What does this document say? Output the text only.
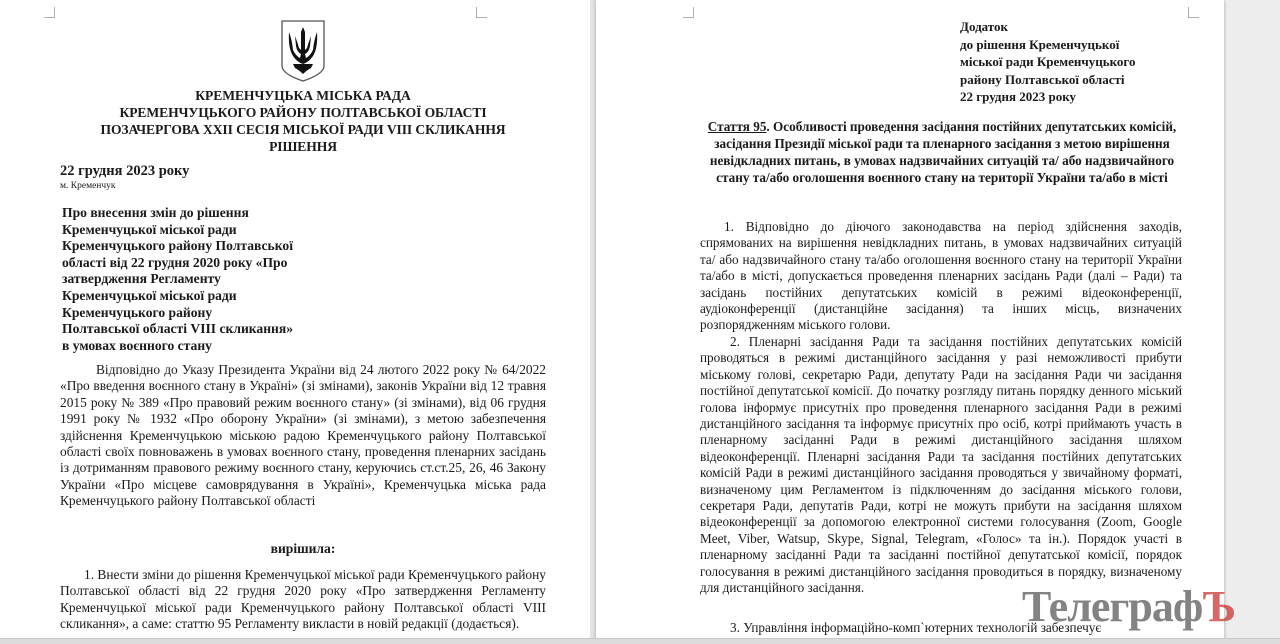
КРЕМЕНЧУЦЬКА МІСЬКА РАДА
КРЕМЕНЧУЦЬКОГО РАЙОНУ ПОЛТАВСЬКОЇ ОБЛАСТІ
ПОЗАЧЕРГОВА XXII СЕСІЯ МІСЬКОЇ РАДИ VIII СКЛИКАННЯ
РІШЕННЯ
22 грудня 2023 року
м. Кременчук
Про внесення змін до рішення
Кременчуцької міської ради
Кременчуцького району Полтавської
області від 22 грудня 2020 року «Про
затвердження Регламенту
Кременчуцької міської ради
Кременчуцького району
Полтавської області VIII скликання»
в умовах воєнного стану
Відповідно до Указу Президента України від 24 лютого 2022 року № 64/2022 «Про введення воєнного стану в Україні» (зі змінами), законів України від 12 травня 2015 року № 389 «Про правовий режим воєнного стану» (зі змінами), від 06 грудня 1991 року № 1932 «Про оборону України» (зі змінами), з метою забезпечення здійснення Кременчуцькою міською радою Кременчуцького району Полтавської області своїх повноважень в умовах воєнного стану, проведення пленарних засідань із дотриманням правового режиму воєнного стану, керуючись ст.ст.25, 26, 46 Закону України «Про місцеве самоврядування в Україні», Кременчуцька міська рада Кременчуцького району Полтавської області
вирішила:
1. Внести зміни до рішення Кременчуцької міської ради Кременчуцького району Полтавської області від 22 грудня 2020 року «Про затвердження Регламенту Кременчуцької міської ради Кременчуцького району Полтавської області VIII скликання», а саме: статтю 95 Регламенту викласти в новій редакції (додається).
Додаток
до рішення Кременчуцької
міської ради Кременчуцького
району Полтавської області
22 грудня 2023 року
Стаття 95. Особливості проведення засідання постійних депутатських комісій, засідання Президії міської ради та пленарного засідання з метою вирішення невідкладних питань, в умовах надзвичайних ситуацій та/ або надзвичайного стану та/або оголошення воєнного стану на території України та/або в місті
1. Відповідно до діючого законодавства на період здійснення заходів, спрямованих на вирішення невідкладних питань, в умовах надзвичайних ситуацій та/ або надзвичайного стану та/або оголошення воєнного стану на території України та/або в місті, допускається проведення пленарних засідань Ради (далі – Ради) та засідань постійних депутатських комісій в режимі відеоконференції, аудіоконференції (дистанційне засідання) та інших місць, визначених розпорядженням міського голови.
2. Пленарні засідання Ради та засідання постійних депутатських комісій проводяться в режимі дистанційного засідання у разі неможливості прибути міському голові, секретарю Ради, депутату Ради на засідання Ради чи засідання постійної депутатської комісії. До початку розгляду питань порядку денного міський голова інформує присутніх про проведення пленарного засідання Ради в режимі дистанційного засідання та інформує присутніх про осіб, котрі приймають участь в пленарному засіданні Ради в режимі дистанційного засідання шляхом відеоконференції. Пленарні засідання Ради та засідання постійних депутатських комісій Ради в режимі дистанційного засідання проводяться у звичайному форматі, визначеному цим Регламентом із підключенням до засідання міського голови, секретаря Ради, депутатів Ради, котрі не можуть прибути на засідання шляхом відеоконференції за допомогою електронної системи голосування (Zoom, Google Meet, Viber, Watsup, Skype, Signal, Telegram, «Голос» та ін.). Порядок участі в пленарному засіданні Ради та засіданні постійної депутатської комісії, порядок голосування в режимі дистанційного засідання проводиться в порядку, визначеному для дистанційного засідання.
3. Управління інформаційно-комп`ютерних технологій забезпечує
ТелеграфЪ
